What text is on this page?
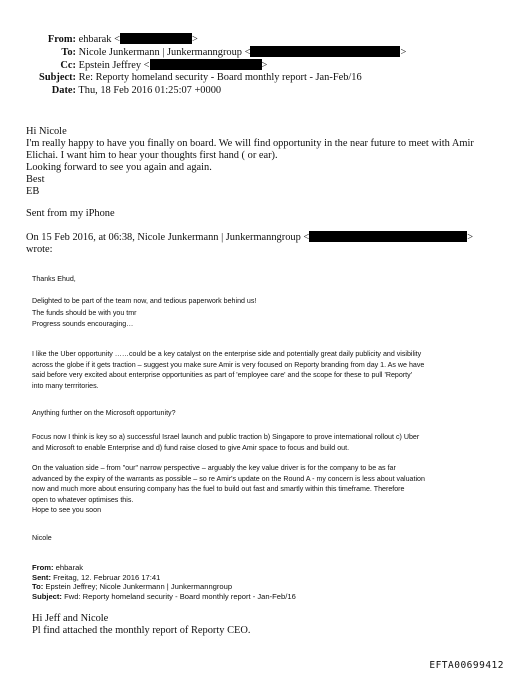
From: ehbarak <	>
To: Nicole Junkermann | Junkermanngroup <	>
Cc: Epstein Jeffrey <	>
Subject: Re: Reporty homeland security - Board monthly report - Jan-Feb/16
Date: Thu, 18 Feb 2016 01:25:07 +0000
Hi Nicole
I'm really happy to have you finally on board. We will find opportunity in the near future to meet with Amir
Elichai. I want him to hear your thoughts first hand ( or ear).
Looking forward to see you again and again.
Best
EB
Sent from my iPhone
On 15 Feb 2016, at 06:38, Nicole Junkermann | Junkermanngroup <	>
wrote:
Thanks Ehud,
Delighted to be part of the team now, and tedious paperwork behind us!
The funds should be with you tmr
Progress sounds encouraging…
I like the Uber opportunity ……could be a key catalyst on the enterprise side and potentially great daily publicity and visibility
across the globe if it gets traction – suggest you make sure Amir is very focused on Reporty branding from day 1. As we have
said before very excited about enterprise opportunities as part of 'employee care' and the scope for these to pull 'Reporty'
into many terrritories.
Anything further on the Microsoft opportunity?
Focus now I think is key so a) successful Israel launch and public traction b) Singapore to prove international rollout c) Uber
and Microsoft to enable Enterprise and d) fund raise closed to give Amir space to focus and build out.
On the valuation side – from "our" narrow perspective – arguably the key value driver is for the company to be as far
advanced by the expiry of the warrants as possible – so re Amir's update on the Round A - my concern is less about valuation
now and much more about ensuring company has the fuel to build out fast and smartly within this timeframe. Therefore
open to whatever optimises this.
Hope to see you soon
Nicole
From: ehbarak
Sent: Freitag, 12. Februar 2016 17:41
To: Epstein Jeffrey; Nicole Junkermann | Junkermanngroup
Subject: Fwd: Reporty homeland security - Board monthly report - Jan-Feb/16
Hi Jeff and Nicole
Pl find attached the monthly report of Reporty CEO.
EFTA00699412
